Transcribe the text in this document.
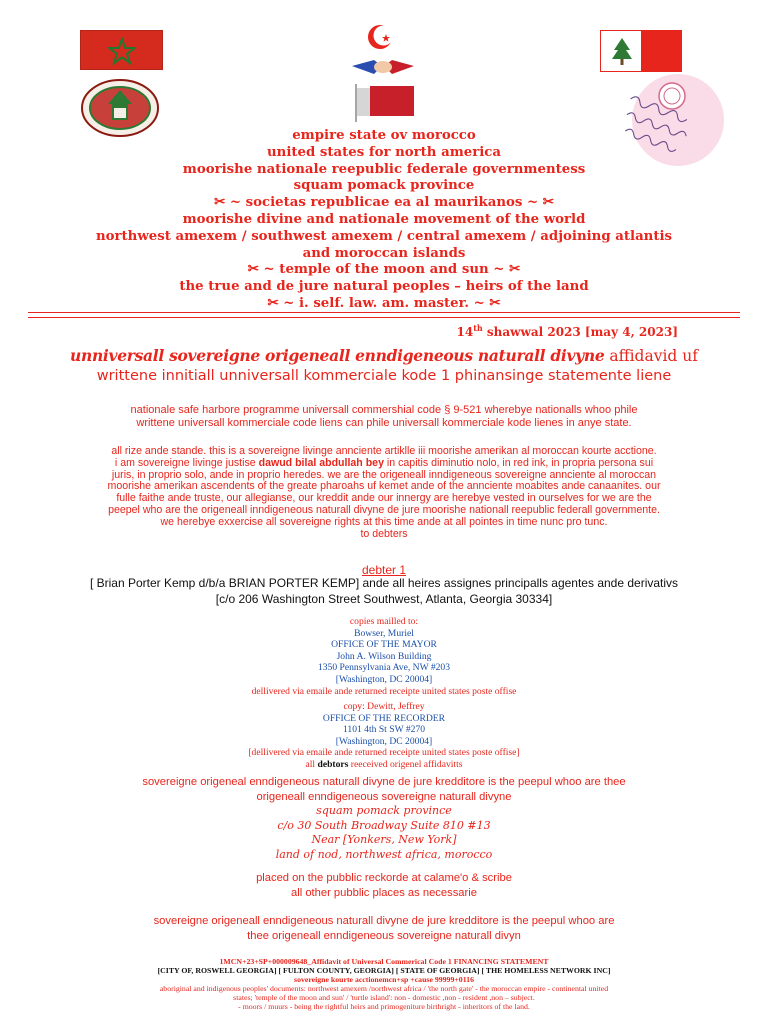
empire state ov morocco
united states for north america
moorishe nationale reepublic federale governmentess
squam pomack province
✂ ~ societas republicae ea al maurikanos ~ ✂
moorishe divine and nationale movement of the world
northwest amexem / southwest amexem / central amexem / adjoining atlantis
and moroccan islands
✂ ~ temple of the moon and sun ~ ✂
the true and de jure natural peoples – heirs of the land
✂ ~ i. self. law. am. master. ~ ✂
14th shawwal 2023 [may 4, 2023]
unniversall sovereigne origeneall enndigeneous naturall divyne affidavid uf
writtene innitiall unniversall kommerciale kode 1 phinansinge statemente liene
nationale safe harbore programme universall commershial code § 9-521 wherebye nationalls whoo phile
writtene universall kommerciale code liens can phile universall kommerciale kode lienes in anye state.
all rize ande stande. this is a sovereigne livinge annciente artiklle iii moorishe amerikan al moroccan kourte acctione.
i am sovereigne livinge justise dawud bilal abdullah bey in capitis diminutio nolo, in red ink, in propria persona sui
juris, in proprio solo, ande in proprio heredes. we are the origeneall inndigeneous sovereigne annciente al moroccan
moorishe amerikan ascendents of the greate pharoahs uf kemet ande of the annciente moabites ande canaanites. our
fulle faithe ande truste, our allegianse, our kreddit ande our innergy are herebye vested in ourselves for we are the
peepel who are the origeneall inndigeneous naturall divyne de jure moorishe nationall reepublic federall governmente.
we herebye exxercise all sovereigne rights at this time ande at all pointes in time nunc pro tunc.
to debters
debter 1
[ Brian Porter Kemp d/b/a BRIAN PORTER KEMP] ande all heires assignes principalls agentes ande derivativs
[c/o 206 Washington Street Southwest, Atlanta, Georgia 30334]
copies mailled to:
Bowser, Muriel
OFFICE OF THE MAYOR
John A. Wilson Building
1350 Pennsylvania Ave, NW #203
[Washington, DC 20004]
dellivered via emaile ande returned receipte united states poste offise
copy: Dewitt, Jeffrey
OFFICE OF THE RECORDER
1101 4th St SW #270
[Washington, DC 20004]
[dellivered via emaile ande returned receipte united states poste offise]
all debtors reeceived origenel affidavitts
sovereigne origeneal enndigeneous naturall divyne de jure kredditore is the peepul whoo are thee
origeneall enndigeneous sovereigne naturall divyne
squam pomack province
c/o 30 South Broadway Suite 810 #13
Near [Yonkers, New York]
land of nod, northwest africa, morocco
placed on the pubblic reckorde at calame'o & scribe
all other pubblic places as necessarie
sovereigne origeneall enndigeneous naturall divyne de jure kredditore is the peepul whoo are
thee origeneall enndigeneous sovereigne naturall divyn
1MCN+23+SP+000009648_Affidavit of Universal Commerical Code 1 FINANCING STATEMENT
[CITY OF, ROSWELL GEORGIA] [ FULTON COUNTY, GEORGIA] [ STATE OF GEORGIA] [ THE HOMELESS NETWORK INC]
sovereigne kourte acctionemcn+sp +cause 99999+0116
aboriginal and indigenous peoples' documents: northwest amexem /northwest africa / 'the north gate' - the moroccan empire - continental united
states; 'temple of the moon and sun' / 'turtle island': non - domestic ,non - resident ,non – subject.
- moors / muurs - being the rightful heirs and primogeniture birthright - inheritors of the land.
